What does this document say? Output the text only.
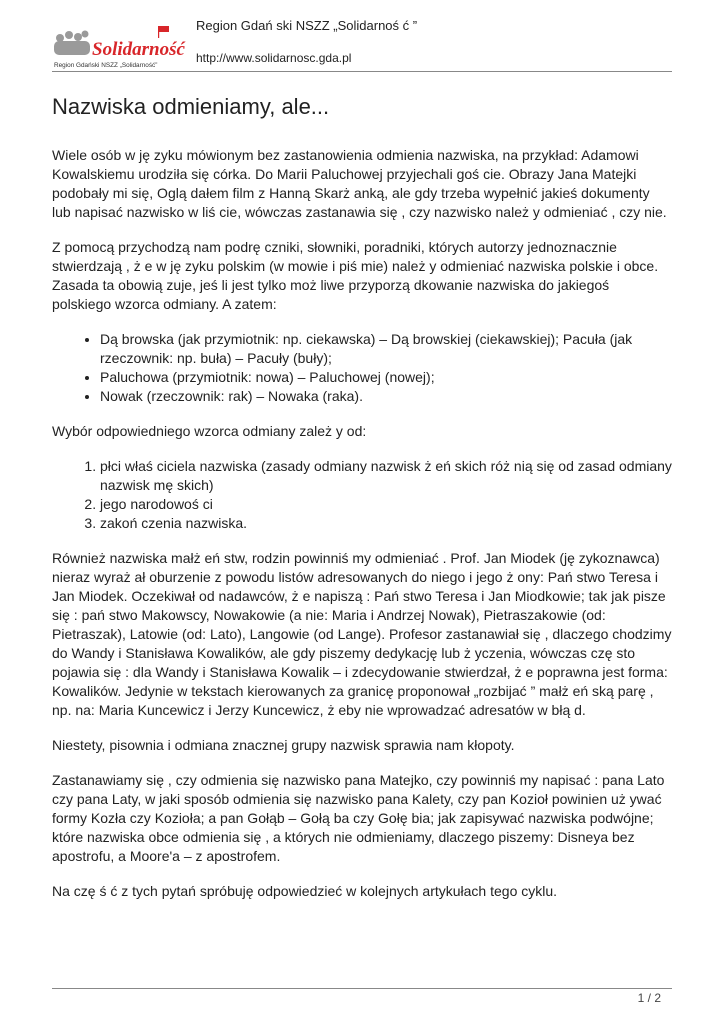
Solidarność
Region Gdański NSZZ „Solidarność”
Region Gdań ski NSZZ „Solidarnoś ć ”
http://www.solidarnosc.gda.pl
Nazwiska odmieniamy, ale...

Wiele osób w ję zyku mówionym bez zastanowienia odmienia nazwiska, na przykład: Adamowi Kowalskiemu urodziła się córka. Do Marii Paluchowej przyjechali goś cie. Obrazy Jana Matejki podobały mi się, Oglą dałem film z Hanną Skarż anką, ale gdy trzeba wypełnić jakieś dokumenty lub napisać nazwisko w liś cie, wówczas zastanawia się , czy nazwisko należ y odmieniać , czy nie.

Z pomocą przychodzą nam podrę czniki, słowniki, poradniki, których autorzy jednoznacznie stwierdzają , ż e w ję zyku polskim (w mowie i piś mie) należ y odmieniać nazwiska polskie i obce. Zasada ta obowią zuje, jeś li jest tylko moż liwe przyporzą dkowanie nazwiska do jakiegoś polskiego wzorca odmiany. A zatem:

• Dą browska (jak przymiotnik: np. ciekawska) – Dą browskiej (ciekawskiej); Pacuła (jak rzeczownik: np. buła) – Pacuły (buły);
• Paluchowa (przymiotnik: nowa) – Paluchowej (nowej);
• Nowak (rzeczownik: rak) – Nowaka (raka).

Wybór odpowiedniego wzorca odmiany zależ y od:

1. płci właś ciciela nazwiska (zasady odmiany nazwisk ż eń skich róż nią się od zasad odmiany nazwisk mę skich)
2. jego narodowoś ci
3. zakoń czenia nazwiska.

Również nazwiska małż eń stw, rodzin powinniś my odmieniać . Prof. Jan Miodek (ję zykoznawca) nieraz wyraż ał oburzenie z powodu listów adresowanych do niego i jego ż ony: Pań stwo Teresa i Jan Miodek. Oczekiwał od nadawców, ż e napiszą : Pań stwo Teresa i Jan Miodkowie; tak jak pisze się : pań stwo Makowscy, Nowakowie (a nie: Maria i Andrzej Nowak), Pietraszakowie (od: Pietraszak), Latowie (od: Lato), Langowie (od Lange). Profesor zastanawiał się , dlaczego chodzimy do Wandy i Stanisława Kowalików, ale gdy piszemy dedykację lub ż yczenia, wówczas czę sto pojawia się : dla Wandy i Stanisława Kowalik – i zdecydowanie stwierdzał, ż e poprawna jest forma: Kowalików. Jedynie w tekstach kierowanych za granicę proponował „rozbijać ” małż eń ską parę , np. na: Maria Kuncewicz i Jerzy Kuncewicz, ż eby nie wprowadzać adresatów w błą d.

Niestety, pisownia i odmiana znacznej grupy nazwisk sprawia nam kłopoty.

Zastanawiamy się , czy odmienia się nazwisko pana Matejko, czy powinniś my napisać : pana Lato czy pana Laty, w jaki sposób odmienia się nazwisko pana Kalety, czy pan Kozioł powinien uż ywać formy Kozła czy Kozioła; a pan Gołąb – Gołą ba czy Gołę bia; jak zapisywać nazwiska podwójne; które nazwiska obce odmienia się , a których nie odmieniamy, dlaczego piszemy: Disneya bez apostrofu, a Moore'a – z apostrofem.

Na czę ś ć z tych pytań spróbuję odpowiedzieć w kolejnych artykułach tego cyklu.

1 / 2
